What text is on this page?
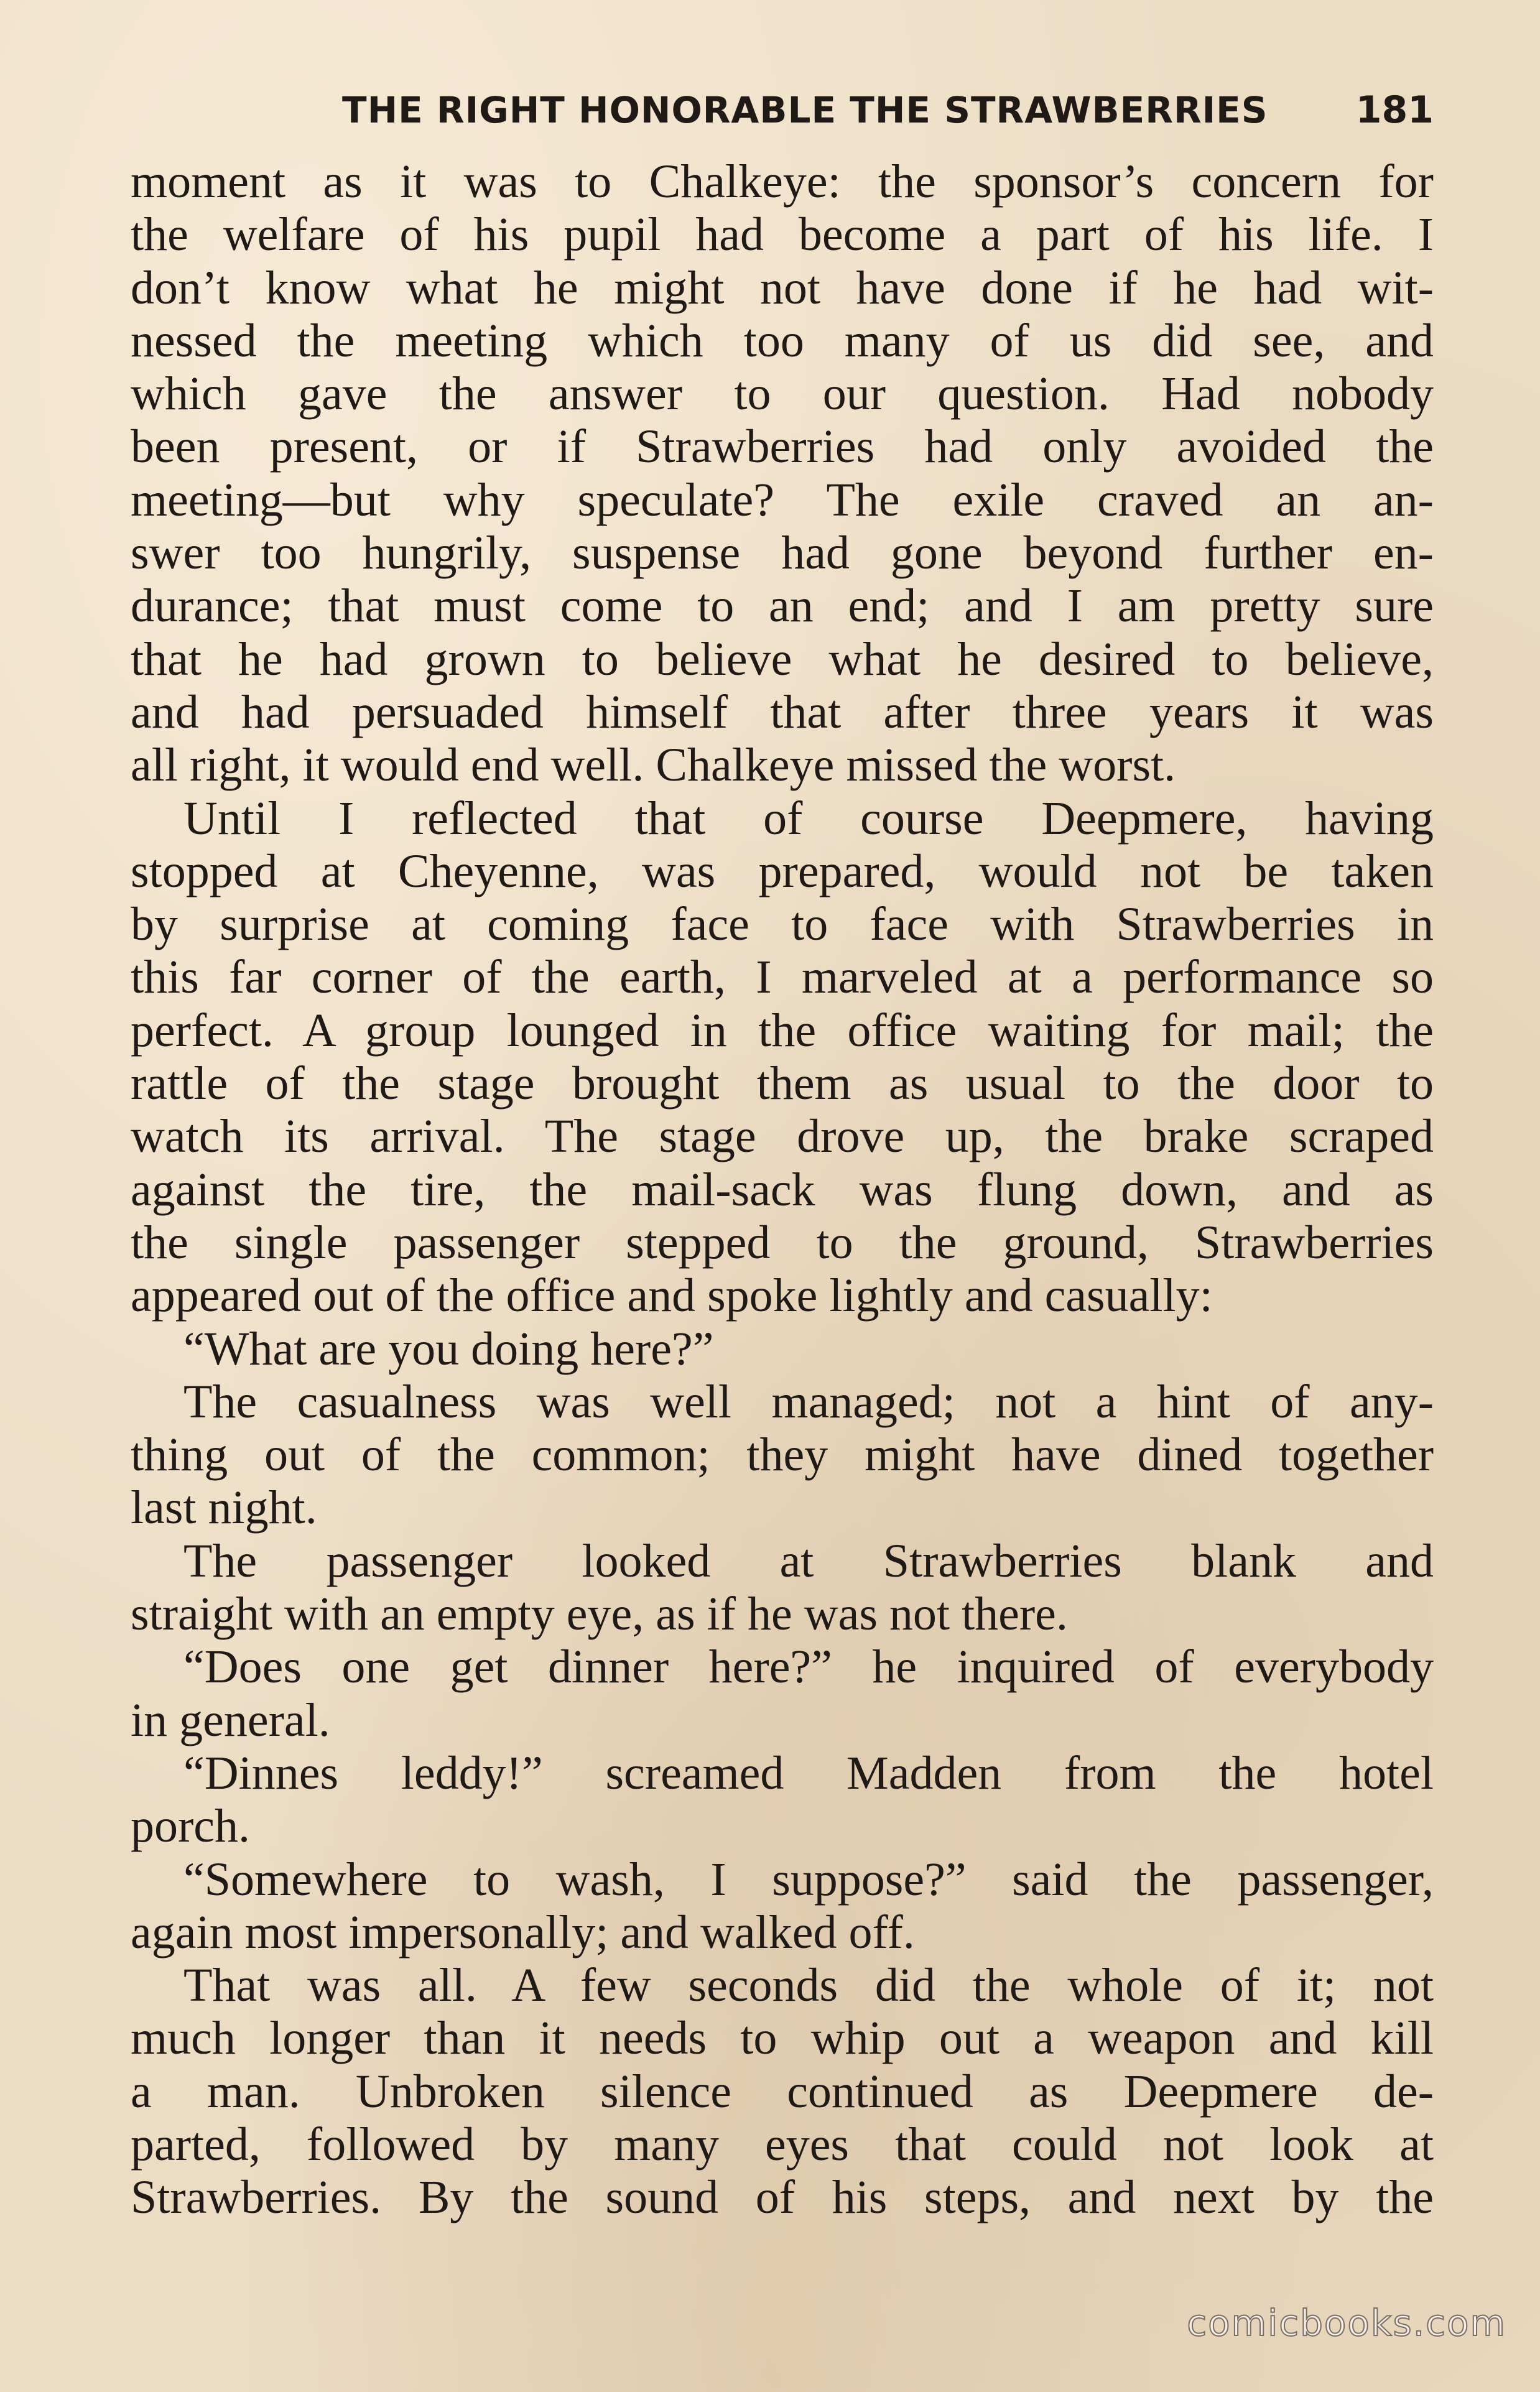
THE RIGHT HONORABLE THE STRAWBERRIES 181
moment as it was to Chalkeye: the sponsor’s concern for
the welfare of his pupil had become a part of his life. I
don’t know what he might not have done if he had wit-
nessed the meeting which too many of us did see, and
which gave the answer to our question. Had nobody
been present, or if Strawberries had only avoided the
meeting—but why speculate? The exile craved an an-
swer too hungrily, suspense had gone beyond further en-
durance; that must come to an end; and I am pretty sure
that he had grown to believe what he desired to believe,
and had persuaded himself that after three years it was
all right, it would end well. Chalkeye missed the worst.
Until I reflected that of course Deepmere, having
stopped at Cheyenne, was prepared, would not be taken
by surprise at coming face to face with Strawberries in
this far corner of the earth, I marveled at a performance so
perfect. A group lounged in the office waiting for mail; the
rattle of the stage brought them as usual to the door to
watch its arrival. The stage drove up, the brake scraped
against the tire, the mail-sack was flung down, and as
the single passenger stepped to the ground, Strawberries
appeared out of the office and spoke lightly and casually:
“What are you doing here?”
The casualness was well managed; not a hint of any-
thing out of the common; they might have dined together
last night.
The passenger looked at Strawberries blank and
straight with an empty eye, as if he was not there.
“Does one get dinner here?” he inquired of everybody
in general.
“Dinnes leddy!” screamed Madden from the hotel
porch.
“Somewhere to wash, I suppose?” said the passenger,
again most impersonally; and walked off.
That was all. A few seconds did the whole of it; not
much longer than it needs to whip out a weapon and kill
a man. Unbroken silence continued as Deepmere de-
parted, followed by many eyes that could not look at
Strawberries. By the sound of his steps, and next by the
comicbooks.com
